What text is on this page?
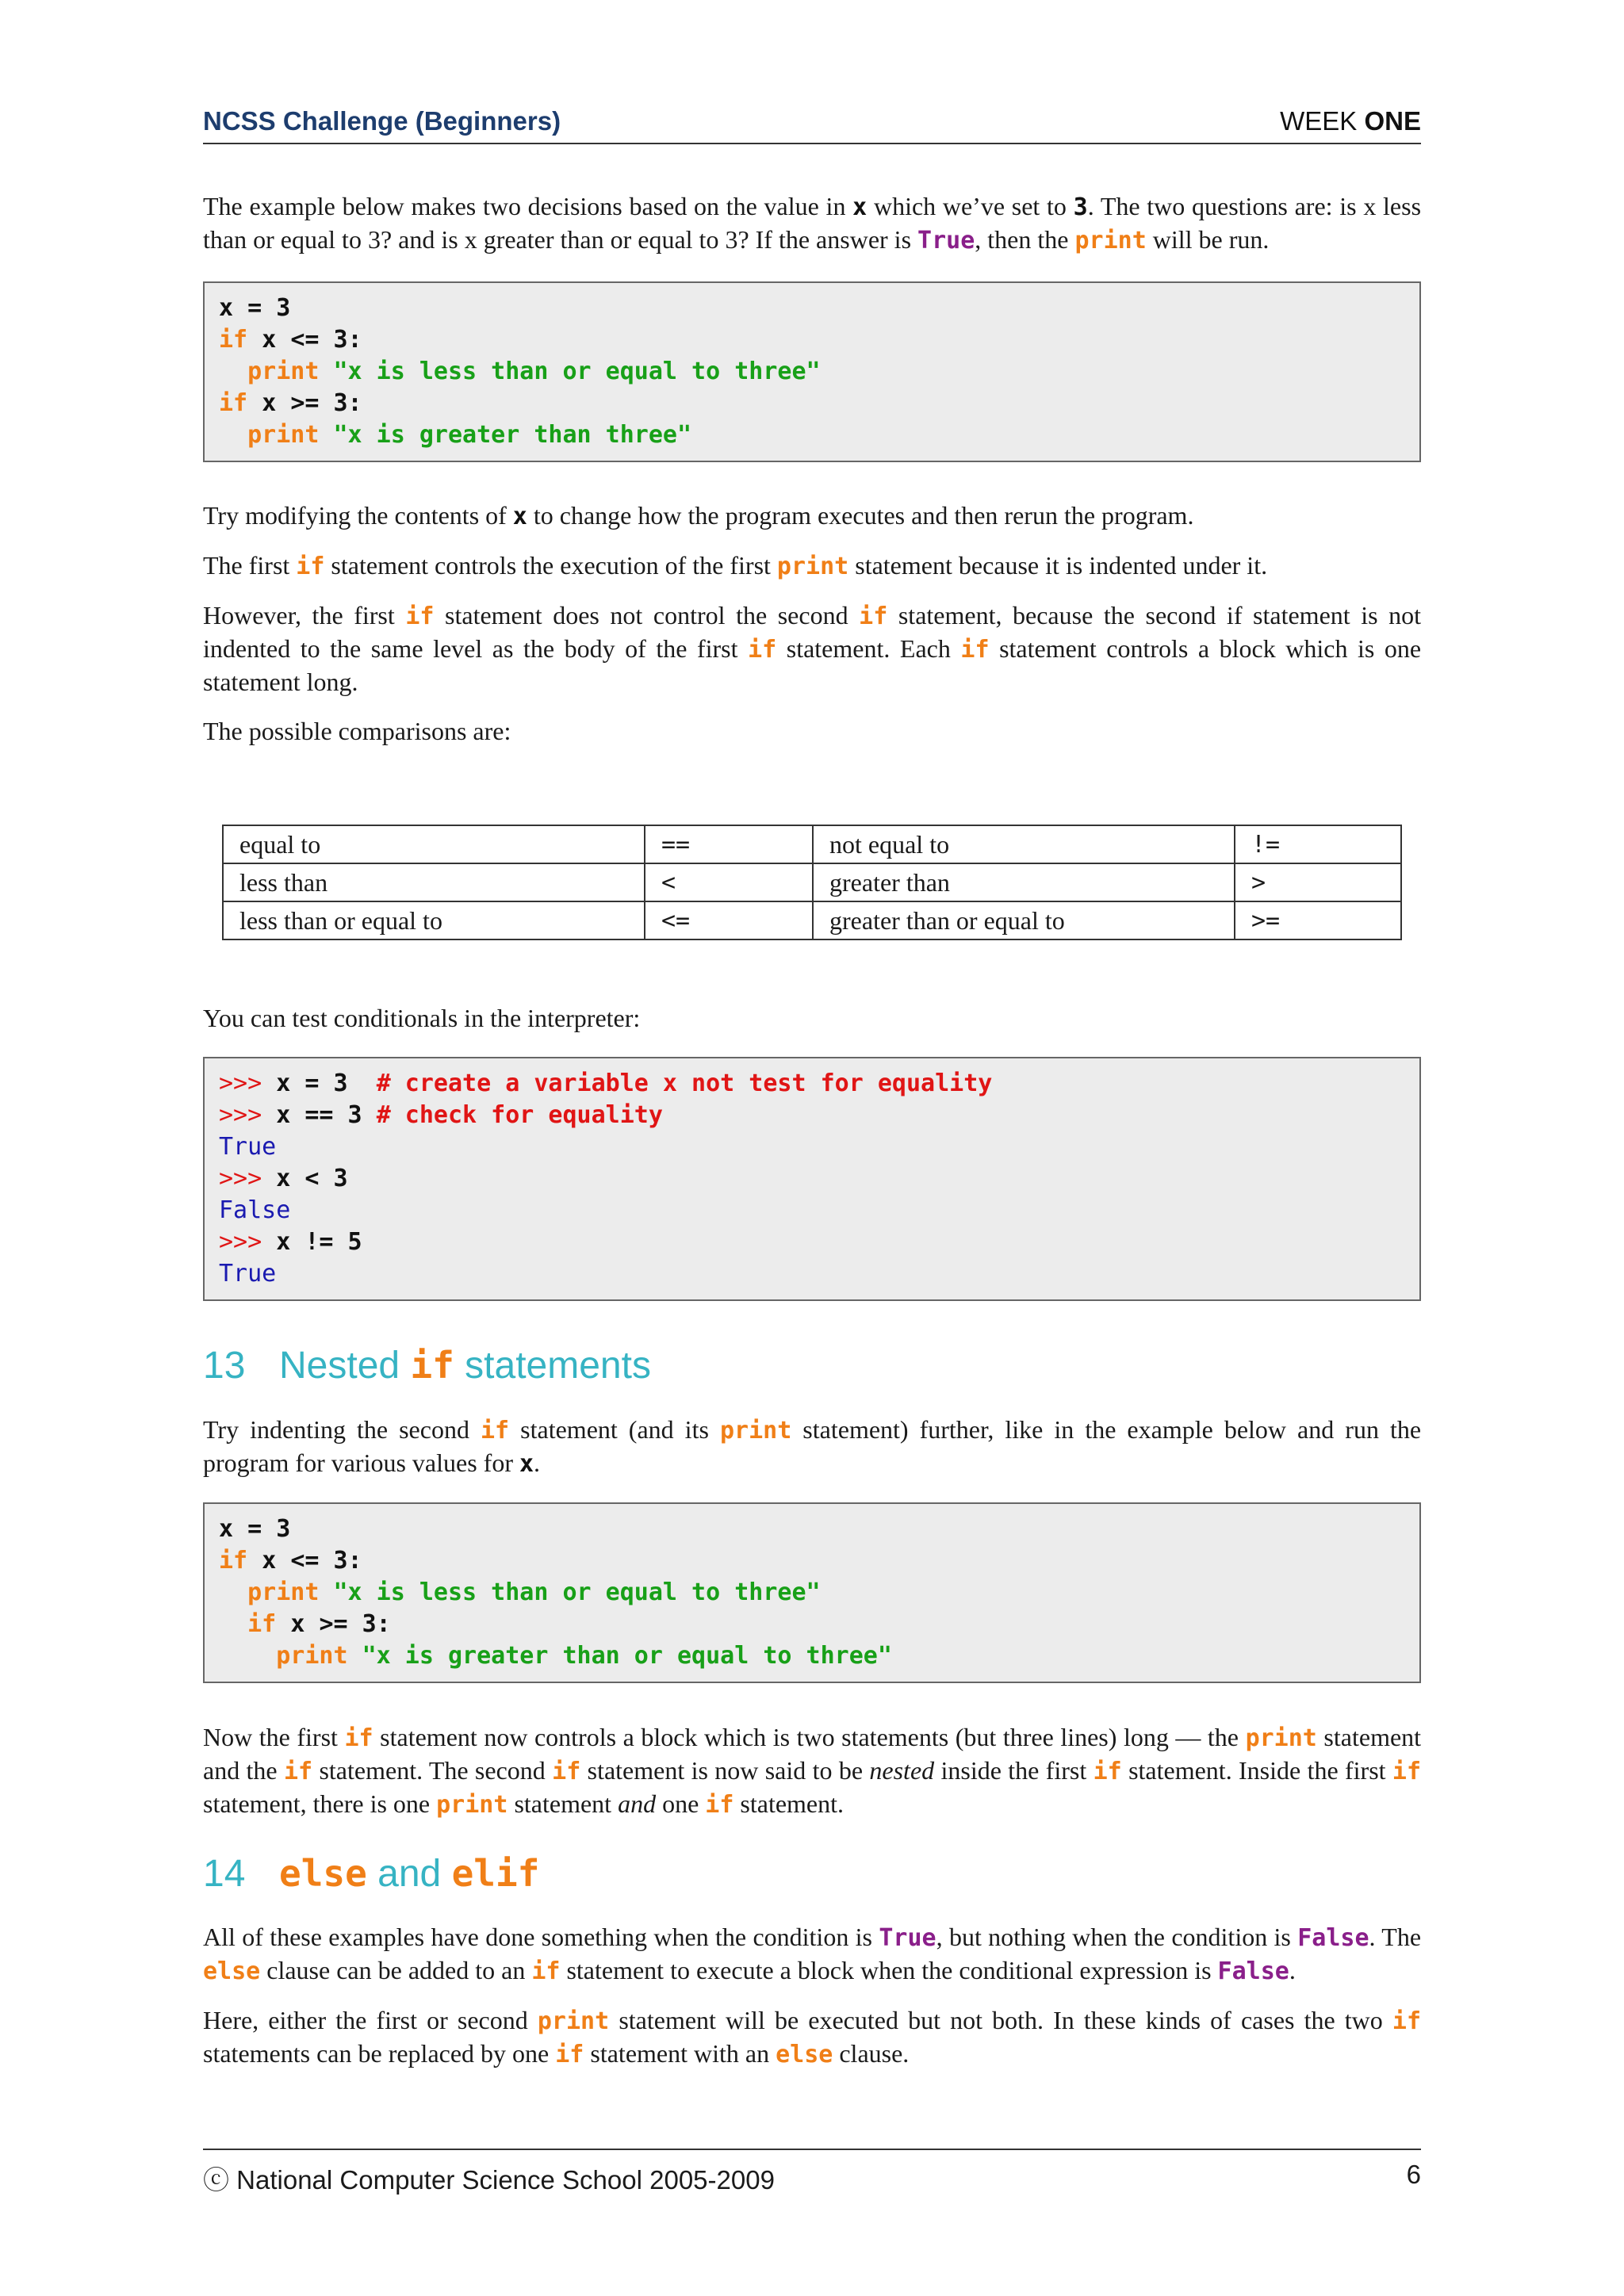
NCSS Challenge (Beginners)	WEEK ONE

The example below makes two decisions based on the value in x which we’ve set to 3. The two questions are: is x less than or equal to 3? and is x greater than or equal to 3? If the answer is True, then the print will be run.

x = 3
if x <= 3:
print "x is less than or equal to three"
if x >= 3:
print "x is greater than three"

Try modifying the contents of x to change how the program executes and then rerun the program.

The first if statement controls the execution of the first print statement because it is indented under it.

However, the first if statement does not control the second if statement, because the second if statement is not indented to the same level as the body of the first if statement. Each if statement controls a block which is one statement long.

The possible comparisons are:

equal to	==	not equal to	!=
less than	<	greater than	>
less than or equal to	<=	greater than or equal to	>=

You can test conditionals in the interpreter:

>>> x = 3 # create a variable x not test for equality
>>> x == 3 # check for equality
True
>>> x < 3
False
>>> x != 5
True
13 Nested if statements

Try indenting the second if statement (and its print statement) further, like in the example below and run the program for various values for x.

x = 3
if x <= 3:
print "x is less than or equal to three"
if x >= 3:
print "x is greater than or equal to three"

Now the first if statement now controls a block which is two statements (but three lines) long — the print statement and the if statement. The second if statement is now said to be nested inside the first if statement. Inside the first if statement, there is one print statement and one if statement.

14 else and elif

All of these examples have done something when the condition is True, but nothing when the condition is False. The else clause can be added to an if statement to execute a block when the conditional expression is False.

Here, either the first or second print statement will be executed but not both. In these kinds of cases the two if statements can be replaced by one if statement with an else clause.

ⓒ National Computer Science School 2005-2009	6
